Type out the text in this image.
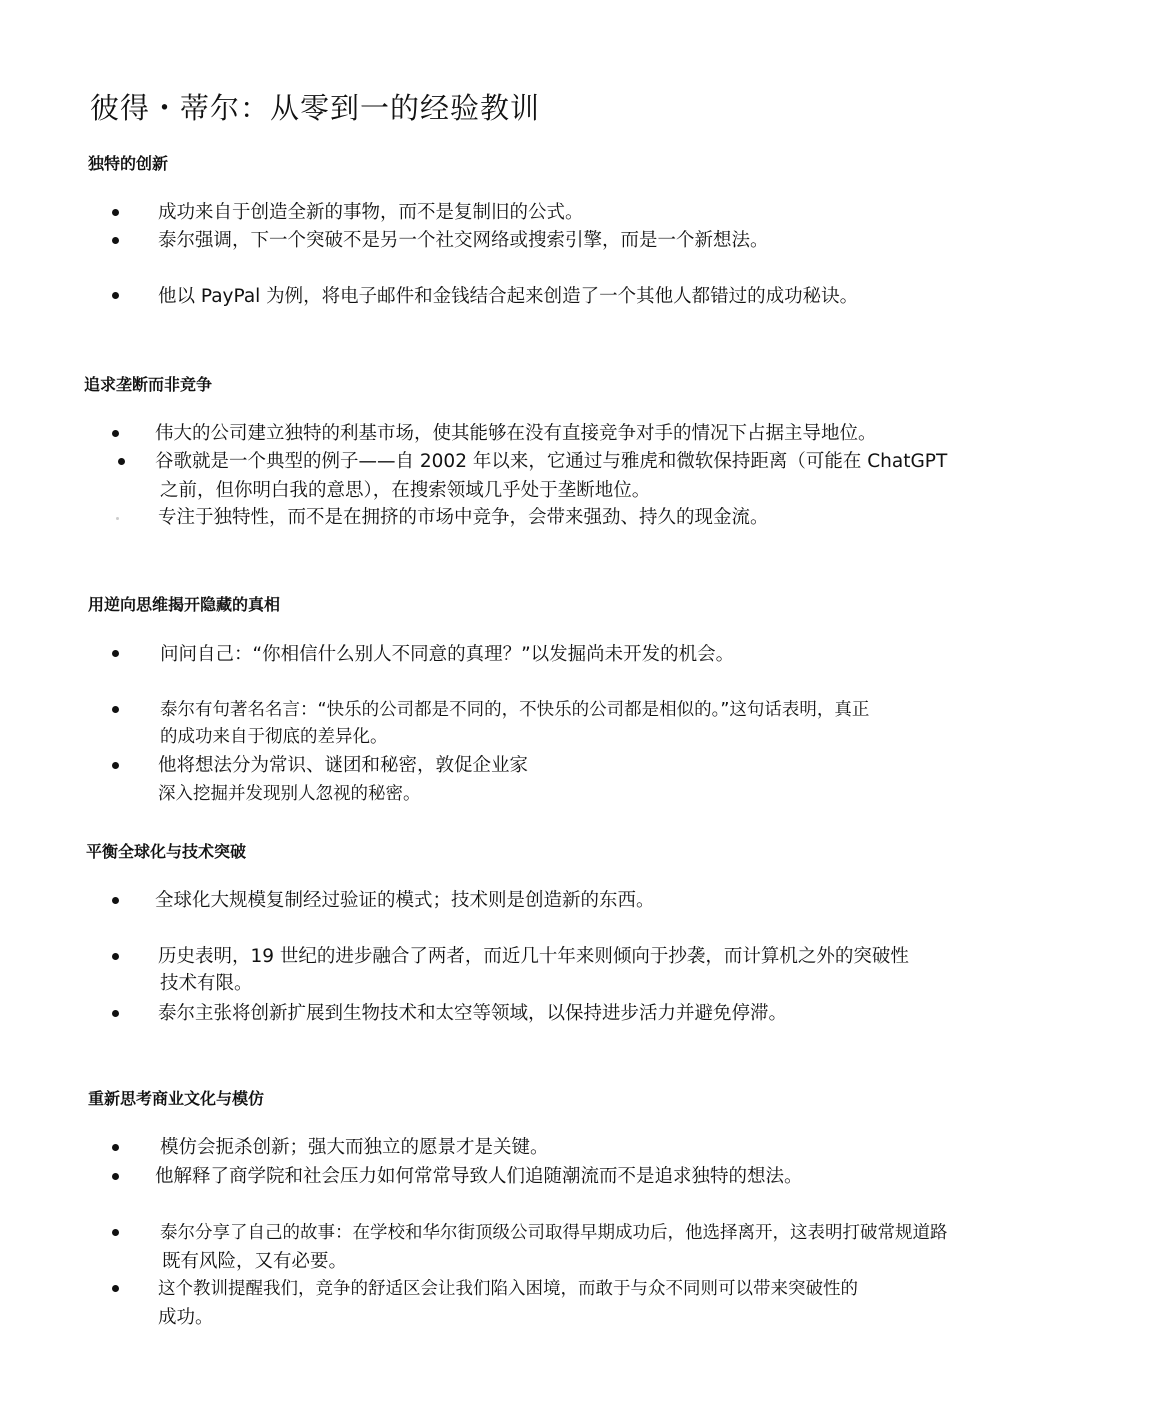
彼得・蒂尔：从零到一的经验教训
独特的创新
成功来自于创造全新的事物，而不是复制旧的公式。
泰尔强调，下一个突破不是另一个社交网络或搜索引擎，而是一个新想法。
他以 PayPal 为例，将电子邮件和金钱结合起来创造了一个其他人都错过的成功秘诀。
追求垄断而非竞争
伟大的公司建立独特的利基市场，使其能够在没有直接竞争对手的情况下占据主导地位。
谷歌就是一个典型的例子——自 2002 年以来，它通过与雅虎和微软保持距离（可能在 ChatGPT
之前，但你明白我的意思），在搜索领域几乎处于垄断地位。
专注于独特性，而不是在拥挤的市场中竞争，会带来强劲、持久的现金流。
用逆向思维揭开隐藏的真相
问问自己：“你相信什么别人不同意的真理？”以发掘尚未开发的机会。
泰尔有句著名名言：“快乐的公司都是不同的，不快乐的公司都是相似的。”这句话表明，真正
的成功来自于彻底的差异化。
他将想法分为常识、谜团和秘密，敦促企业家
深入挖掘并发现别人忽视的秘密。
平衡全球化与技术突破
全球化大规模复制经过验证的模式；技术则是创造新的东西。
历史表明，19 世纪的进步融合了两者，而近几十年来则倾向于抄袭，而计算机之外的突破性
技术有限。
泰尔主张将创新扩展到生物技术和太空等领域，以保持进步活力并避免停滞。
重新思考商业文化与模仿
模仿会扼杀创新；强大而独立的愿景才是关键。
他解释了商学院和社会压力如何常常导致人们追随潮流而不是追求独特的想法。
泰尔分享了自己的故事：在学校和华尔街顶级公司取得早期成功后，他选择离开，这表明打破常规道路
既有风险，又有必要。
这个教训提醒我们，竞争的舒适区会让我们陷入困境，而敢于与众不同则可以带来突破性的
成功。
